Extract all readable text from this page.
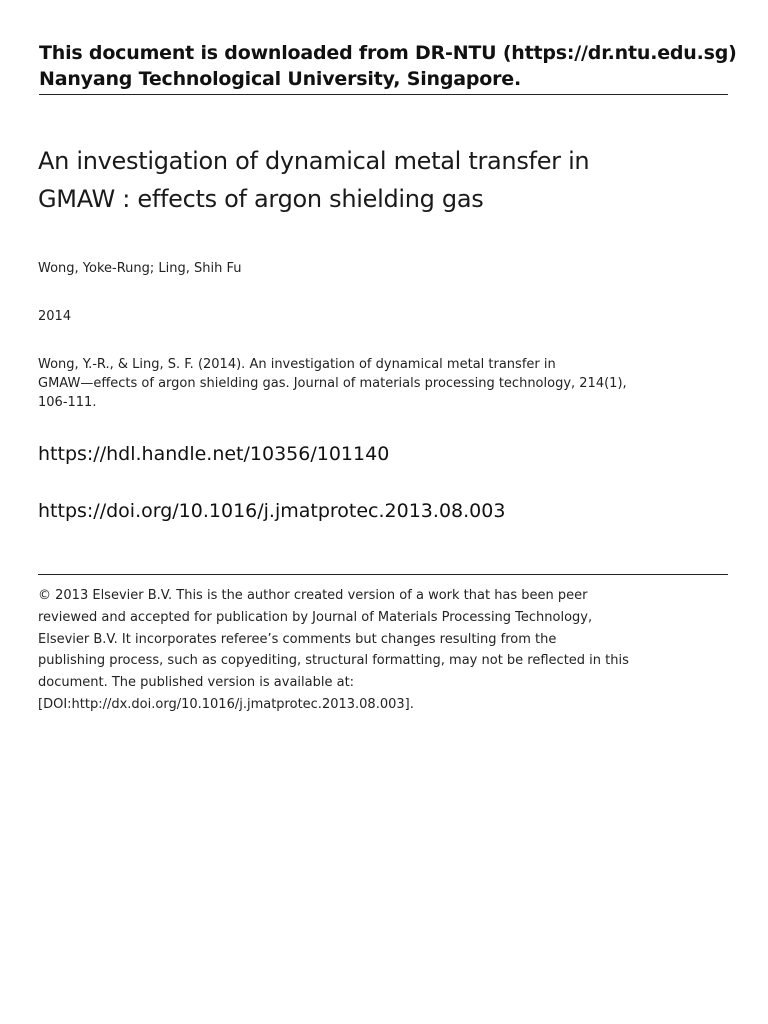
This document is downloaded from DR‑NTU (https://dr.ntu.edu.sg)
Nanyang Technological University, Singapore.
An investigation of dynamical metal transfer in
GMAW : effects of argon shielding gas
Wong, Yoke-Rung; Ling, Shih Fu
2014
Wong, Y.-R., & Ling, S. F. (2014). An investigation of dynamical metal transfer in
GMAW—effects of argon shielding gas. Journal of materials processing technology, 214(1),
106-111.
https://hdl.handle.net/10356/101140
https://doi.org/10.1016/j.jmatprotec.2013.08.003
© 2013 Elsevier B.V. This is the author created version of a work that has been peer
reviewed and accepted for publication by Journal of Materials Processing Technology,
Elsevier B.V. It incorporates referee’s comments but changes resulting from the
publishing process, such as copyediting, structural formatting, may not be reflected in this
document. The published version is available at:
[DOI:http://dx.doi.org/10.1016/j.jmatprotec.2013.08.003].
